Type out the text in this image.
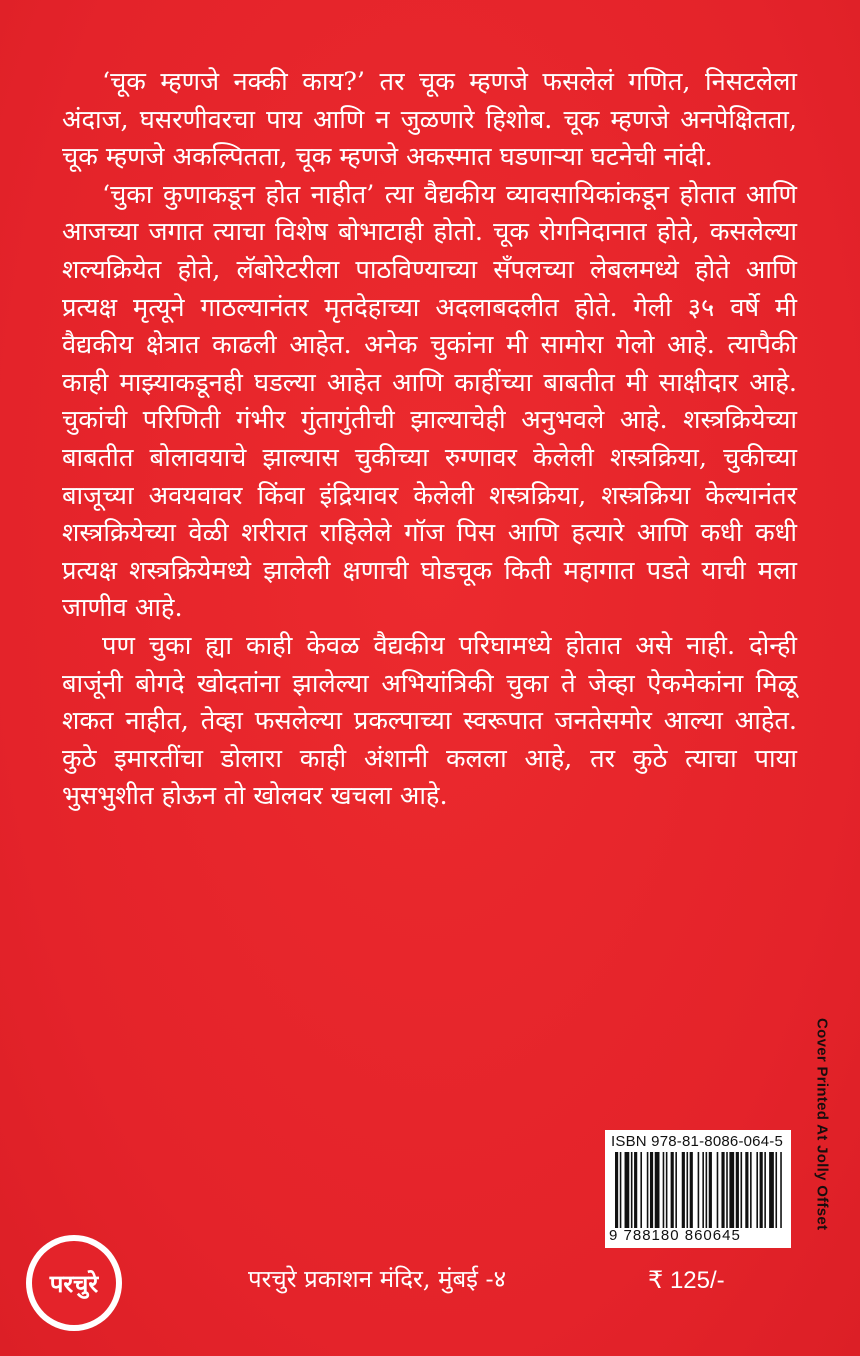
‘चूक म्हणजे नक्की काय?’ तर चूक म्हणजे फसलेलं गणित, निसटलेला अंदाज, घसरणीवरचा पाय आणि न जुळणारे हिशोब. चूक म्हणजे अनपेक्षितता, चूक म्हणजे अकल्पितता, चूक म्हणजे अकस्मात घडणाऱ्या घटनेची नांदी.

‘चुका कुणाकडून होत नाहीत’ त्या वैद्यकीय व्यावसायिकांकडून होतात आणि आजच्या जगात त्याचा विशेष बोभाटाही होतो. चूक रोगनिदानात होते, कसलेल्या शल्यक्रियेत होते, लॅबोरेटरीला पाठविण्याच्या सॅंपलच्या लेबलमध्ये होते आणि प्रत्यक्ष मृत्यूने गाठल्यानंतर मृतदेहाच्या अदलाबदलीत होते. गेली ३५ वर्षे मी वैद्यकीय क्षेत्रात काढली आहेत. अनेक चुकांना मी सामोरा गेलो आहे. त्यापैकी काही माझ्याकडूनही घडल्या आहेत आणि काहींच्या बाबतीत मी साक्षीदार आहे. चुकांची परिणिती गंभीर गुंतागुंतीची झाल्याचेही अनुभवले आहे. शस्त्रक्रियेच्या बाबतीत बोलावयाचे झाल्यास चुकीच्या रुग्णावर केलेली शस्त्रक्रिया, चुकीच्या बाजूच्या अवयवावर किंवा इंद्रियावर केलेली शस्त्रक्रिया, शस्त्रक्रिया केल्यानंतर शस्त्रक्रियेच्या वेळी शरीरात राहिलेले गॉज पिस आणि हत्यारे आणि कधी कधी प्रत्यक्ष शस्त्रक्रियेमध्ये झालेली क्षणाची घोडचूक किती महागात पडते याची मला जाणीव आहे.

पण चुका ह्या काही केवळ वैद्यकीय परिघामध्ये होतात असे नाही. दोन्ही बाजूंनी बोगदे खोदतांना झालेल्या अभियांत्रिकी चुका ते जेव्हा ऐकमेकांना मिळू शकत नाहीत, तेव्हा फसलेल्या प्रकल्पाच्या स्वरूपात जनतेसमोर आल्या आहेत. कुठे इमारतींचा डोलारा काही अंशानी कलला आहे, तर कुठे त्याचा पाया भुसभुशीत होऊन तो खोलवर खचला आहे.

Cover Printed At Jolly Offset
ISBN 978-81-8086-064-5
9 788180 860645
परचुरे	परचुरे प्रकाशन मंदिर, मुंबई -४	₹ 125/-
